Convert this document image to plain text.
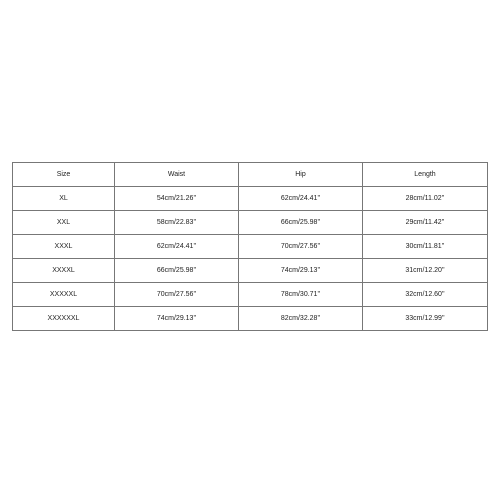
Size	Waist	Hip	Length
XL	54cm/21.26''	62cm/24.41''	28cm/11.02''
XXL	58cm/22.83''	66cm/25.98''	29cm/11.42''
XXXL	62cm/24.41''	70cm/27.56''	30cm/11.81''
XXXXL	66cm/25.98''	74cm/29.13''	31cm/12.20''
XXXXXL	70cm/27.56''	78cm/30.71''	32cm/12.60''
XXXXXXL	74cm/29.13''	82cm/32.28''	33cm/12.99''
